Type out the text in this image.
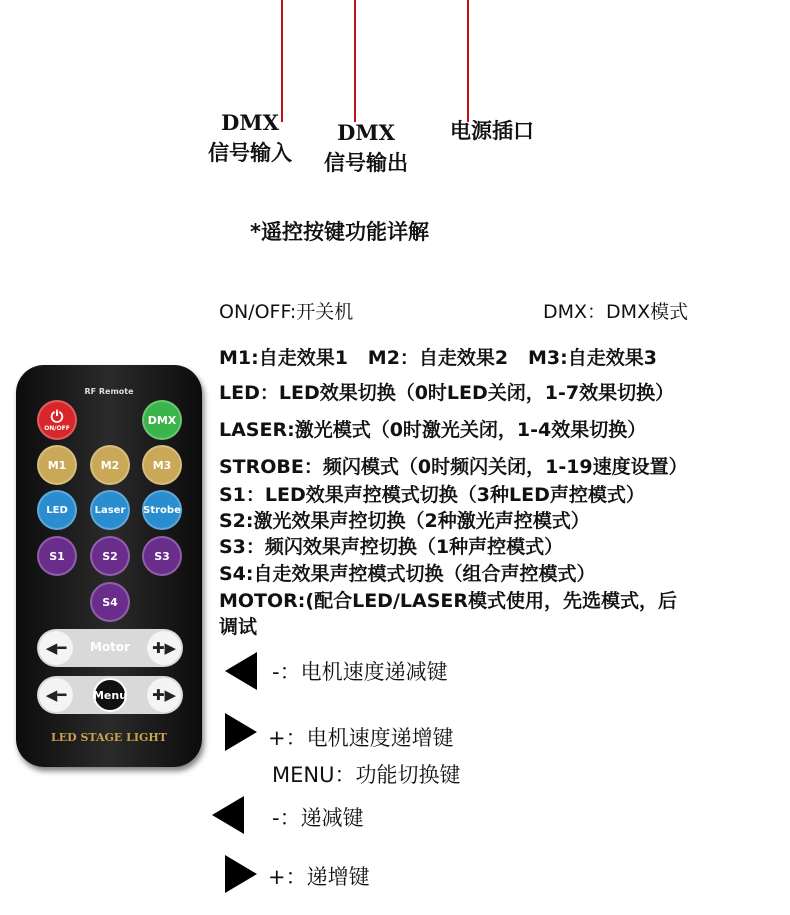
DMX
信号输入
DMX
信号输出
电源插口
*遥控按键功能详解
ON/OFF:开关机	DMX：DMX模式
M1:自走效果1   M2：自走效果2   M3:自走效果3
LED：LED效果切换（0时LED关闭，1-7效果切换）
LASER:激光模式（0时激光关闭，1-4效果切换）
STROBE：频闪模式（0时频闪关闭，1-19速度设置）
S1：LED效果声控模式切换（3种LED声控模式）
S2:激光效果声控切换（2种激光声控模式）
S3：频闪效果声控切换（1种声控模式）
S4:自走效果声控模式切换（组合声控模式）
MOTOR:(配合LED/LASER模式使用，先选模式，后
调试
-：电机速度递减键
+：电机速度递增键
MENU：功能切换键
-：递减键
+：递增键
RF Remote
⏻
ON/OFF
DMX
M1	M2	M3
LED	Laser	Strobe
S1	S2	S3
S4
◀━	Motor	✚▶
◀━	Menu	✚▶
LED STAGE LIGHT
